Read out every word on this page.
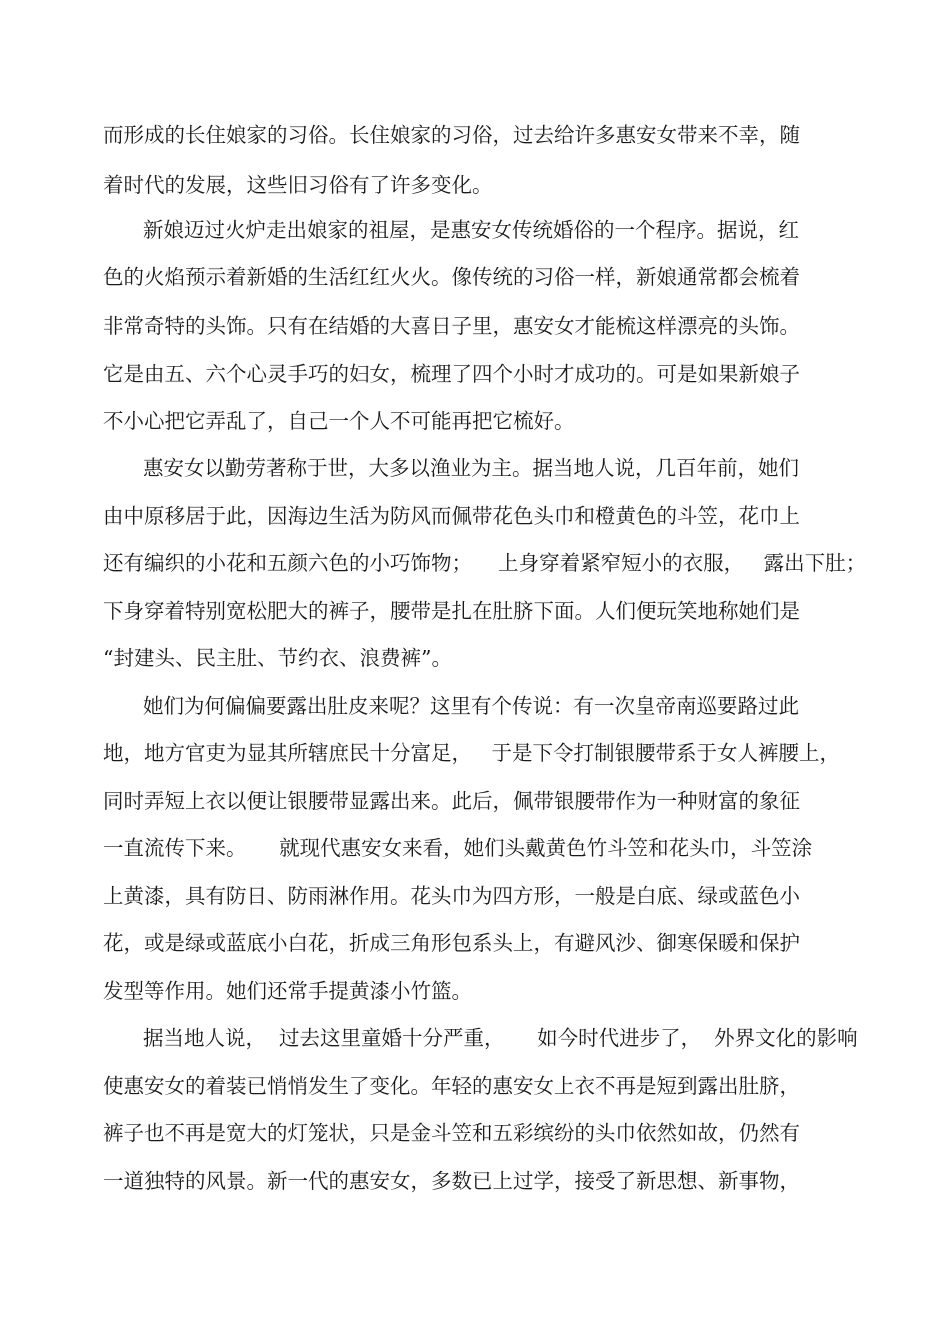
而形成的长住娘家的习俗。长住娘家的习俗，过去给许多惠安女带来不幸，随
着时代的发展，这些旧习俗有了许多变化。
新娘迈过火炉走出娘家的祖屋，是惠安女传统婚俗的一个程序。据说，红
色的火焰预示着新婚的生活红红火火。像传统的习俗一样，新娘通常都会梳着
非常奇特的头饰。只有在结婚的大喜日子里，惠安女才能梳这样漂亮的头饰。
它是由五、六个心灵手巧的妇女，梳理了四个小时才成功的。可是如果新娘子
不小心把它弄乱了，自己一个人不可能再把它梳好。
惠安女以勤劳著称于世，大多以渔业为主。据当地人说，几百年前，她们
由中原移居于此，因海边生活为防风而佩带花色头巾和橙黄色的斗笠，花巾上
还有编织的小花和五颜六色的小巧饰物；    上身穿着紧窄短小的衣服，   露出下肚；
下身穿着特别宽松肥大的裤子，腰带是扎在肚脐下面。人们便玩笑地称她们是
“封建头、民主肚、节约衣、浪费裤”。
她们为何偏偏要露出肚皮来呢？这里有个传说：有一次皇帝南巡要路过此
地，地方官吏为显其所辖庶民十分富足，   于是下令打制银腰带系于女人裤腰上，
同时弄短上衣以便让银腰带显露出来。此后，佩带银腰带作为一种财富的象征
一直流传下来。     就现代惠安女来看，她们头戴黄色竹斗笠和花头巾，斗笠涂
上黄漆，具有防日、防雨淋作用。花头巾为四方形，一般是白底、绿或蓝色小
花，或是绿或蓝底小白花，折成三角形包系头上，有避风沙、御寒保暖和保护
发型等作用。她们还常手提黄漆小竹篮。
据当地人说，  过去这里童婚十分严重，     如今时代进步了，  外界文化的影响
使惠安女的着装已悄悄发生了变化。年轻的惠安女上衣不再是短到露出肚脐，
裤子也不再是宽大的灯笼状，只是金斗笠和五彩缤纷的头巾依然如故，仍然有
一道独特的风景。新一代的惠安女，多数已上过学，接受了新思想、新事物，
